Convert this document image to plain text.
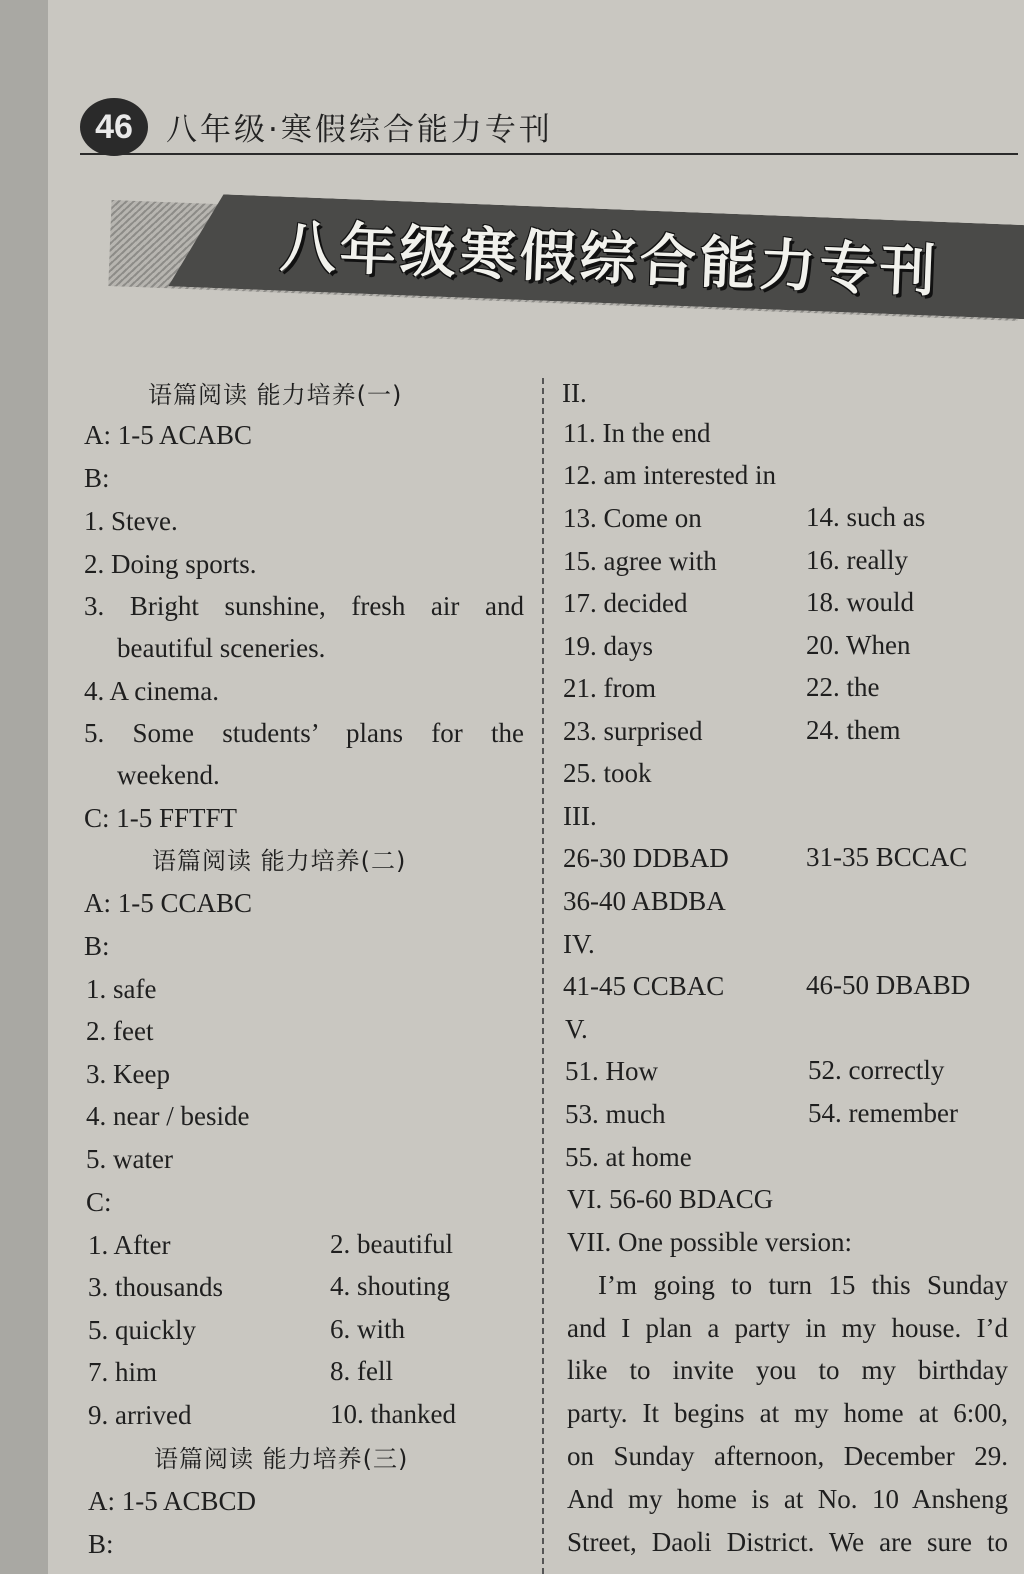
46	八年级·寒假综合能力专刊
八年级寒假综合能力专刊
语篇阅读 能力培养(一)
A: 1-5 ACABC
B:
1. Steve.
2. Doing sports.
3. Bright sunshine, fresh air and
beautiful sceneries.
4. A cinema.
5. Some students’ plans for the
weekend.
C: 1-5 FFTFT
语篇阅读 能力培养(二)
A: 1-5 CCABC
B:
1. safe
2. feet
3. Keep
4. near / beside
5. water
C:
1. After	2. beautiful
3. thousands	4. shouting
5. quickly	6. with
7. him	8. fell
9. arrived	10. thanked
语篇阅读 能力培养(三)
A: 1-5 ACBCD
B:
II.
11. In the end
12. am interested in
13. Come on	14. such as
15. agree with	16. really
17. decided	18. would
19. days	20. When
21. from	22. the
23. surprised	24. them
25. took
III.
26-30 DDBAD	31-35 BCCAC
36-40 ABDBA
IV.
41-45 CCBAC	46-50 DBABD
V.
51. How	52. correctly
53. much	54. remember
55. at home
VI. 56-60 BDACG
VII. One possible version:
I’m going to turn 15 this Sunday
and I plan a party in my house. I’d
like to invite you to my birthday
party. It begins at my home at 6:00,
on Sunday afternoon, December 29.
And my home is at No. 10 Ansheng
Street, Daoli District. We are sure to
